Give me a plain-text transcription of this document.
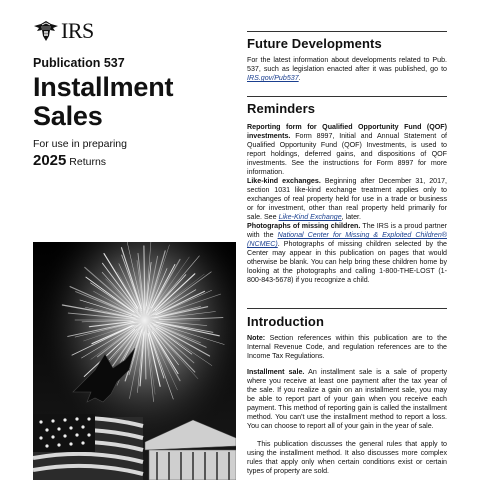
IRS
Publication 537
Installment
Sales
For use in preparing
2025 Returns
Future Developments
For the latest information about developments related to Pub. 537, such as legislation enacted after it was published, go to IRS.gov/Pub537.
Reminders
Reporting form for Qualified Opportunity Fund (QOF) investments. Form 8997, Initial and Annual Statement of Qualified Opportunity Fund (QOF) Investments, is used to report holdings, deferred gains, and dispositions of QOF investments. See the instructions for Form 8997 for more information.
Like-kind exchanges. Beginning after December 31, 2017, section 1031 like-kind exchange treatment applies only to exchanges of real property held for use in a trade or business or for investment, other than real property held primarily for sale. See Like-Kind Exchange, later.
Photographs of missing children. The IRS is a proud partner with the National Center for Missing & Exploited Children® (NCMEC). Photographs of missing children selected by the Center may appear in this publication on pages that would otherwise be blank. You can help bring these children home by looking at the photographs and calling 1-800-THE-LOST (1-800-843-5678) if you recognize a child.
Introduction
Note: Section references within this publication are to the Internal Revenue Code, and regulation references are to the Income Tax Regulations.
Installment sale. An installment sale is a sale of property where you receive at least one payment after the tax year of the sale. If you realize a gain on an installment sale, you may be able to report part of your gain when you receive each payment. This method of reporting gain is called the installment method. You can't use the installment method to report a loss. You can choose to report all of your gain in the year of sale.
This publication discusses the general rules that apply to using the installment method. It also discusses more complex rules that apply only when certain conditions exist or certain types of property are sold.
